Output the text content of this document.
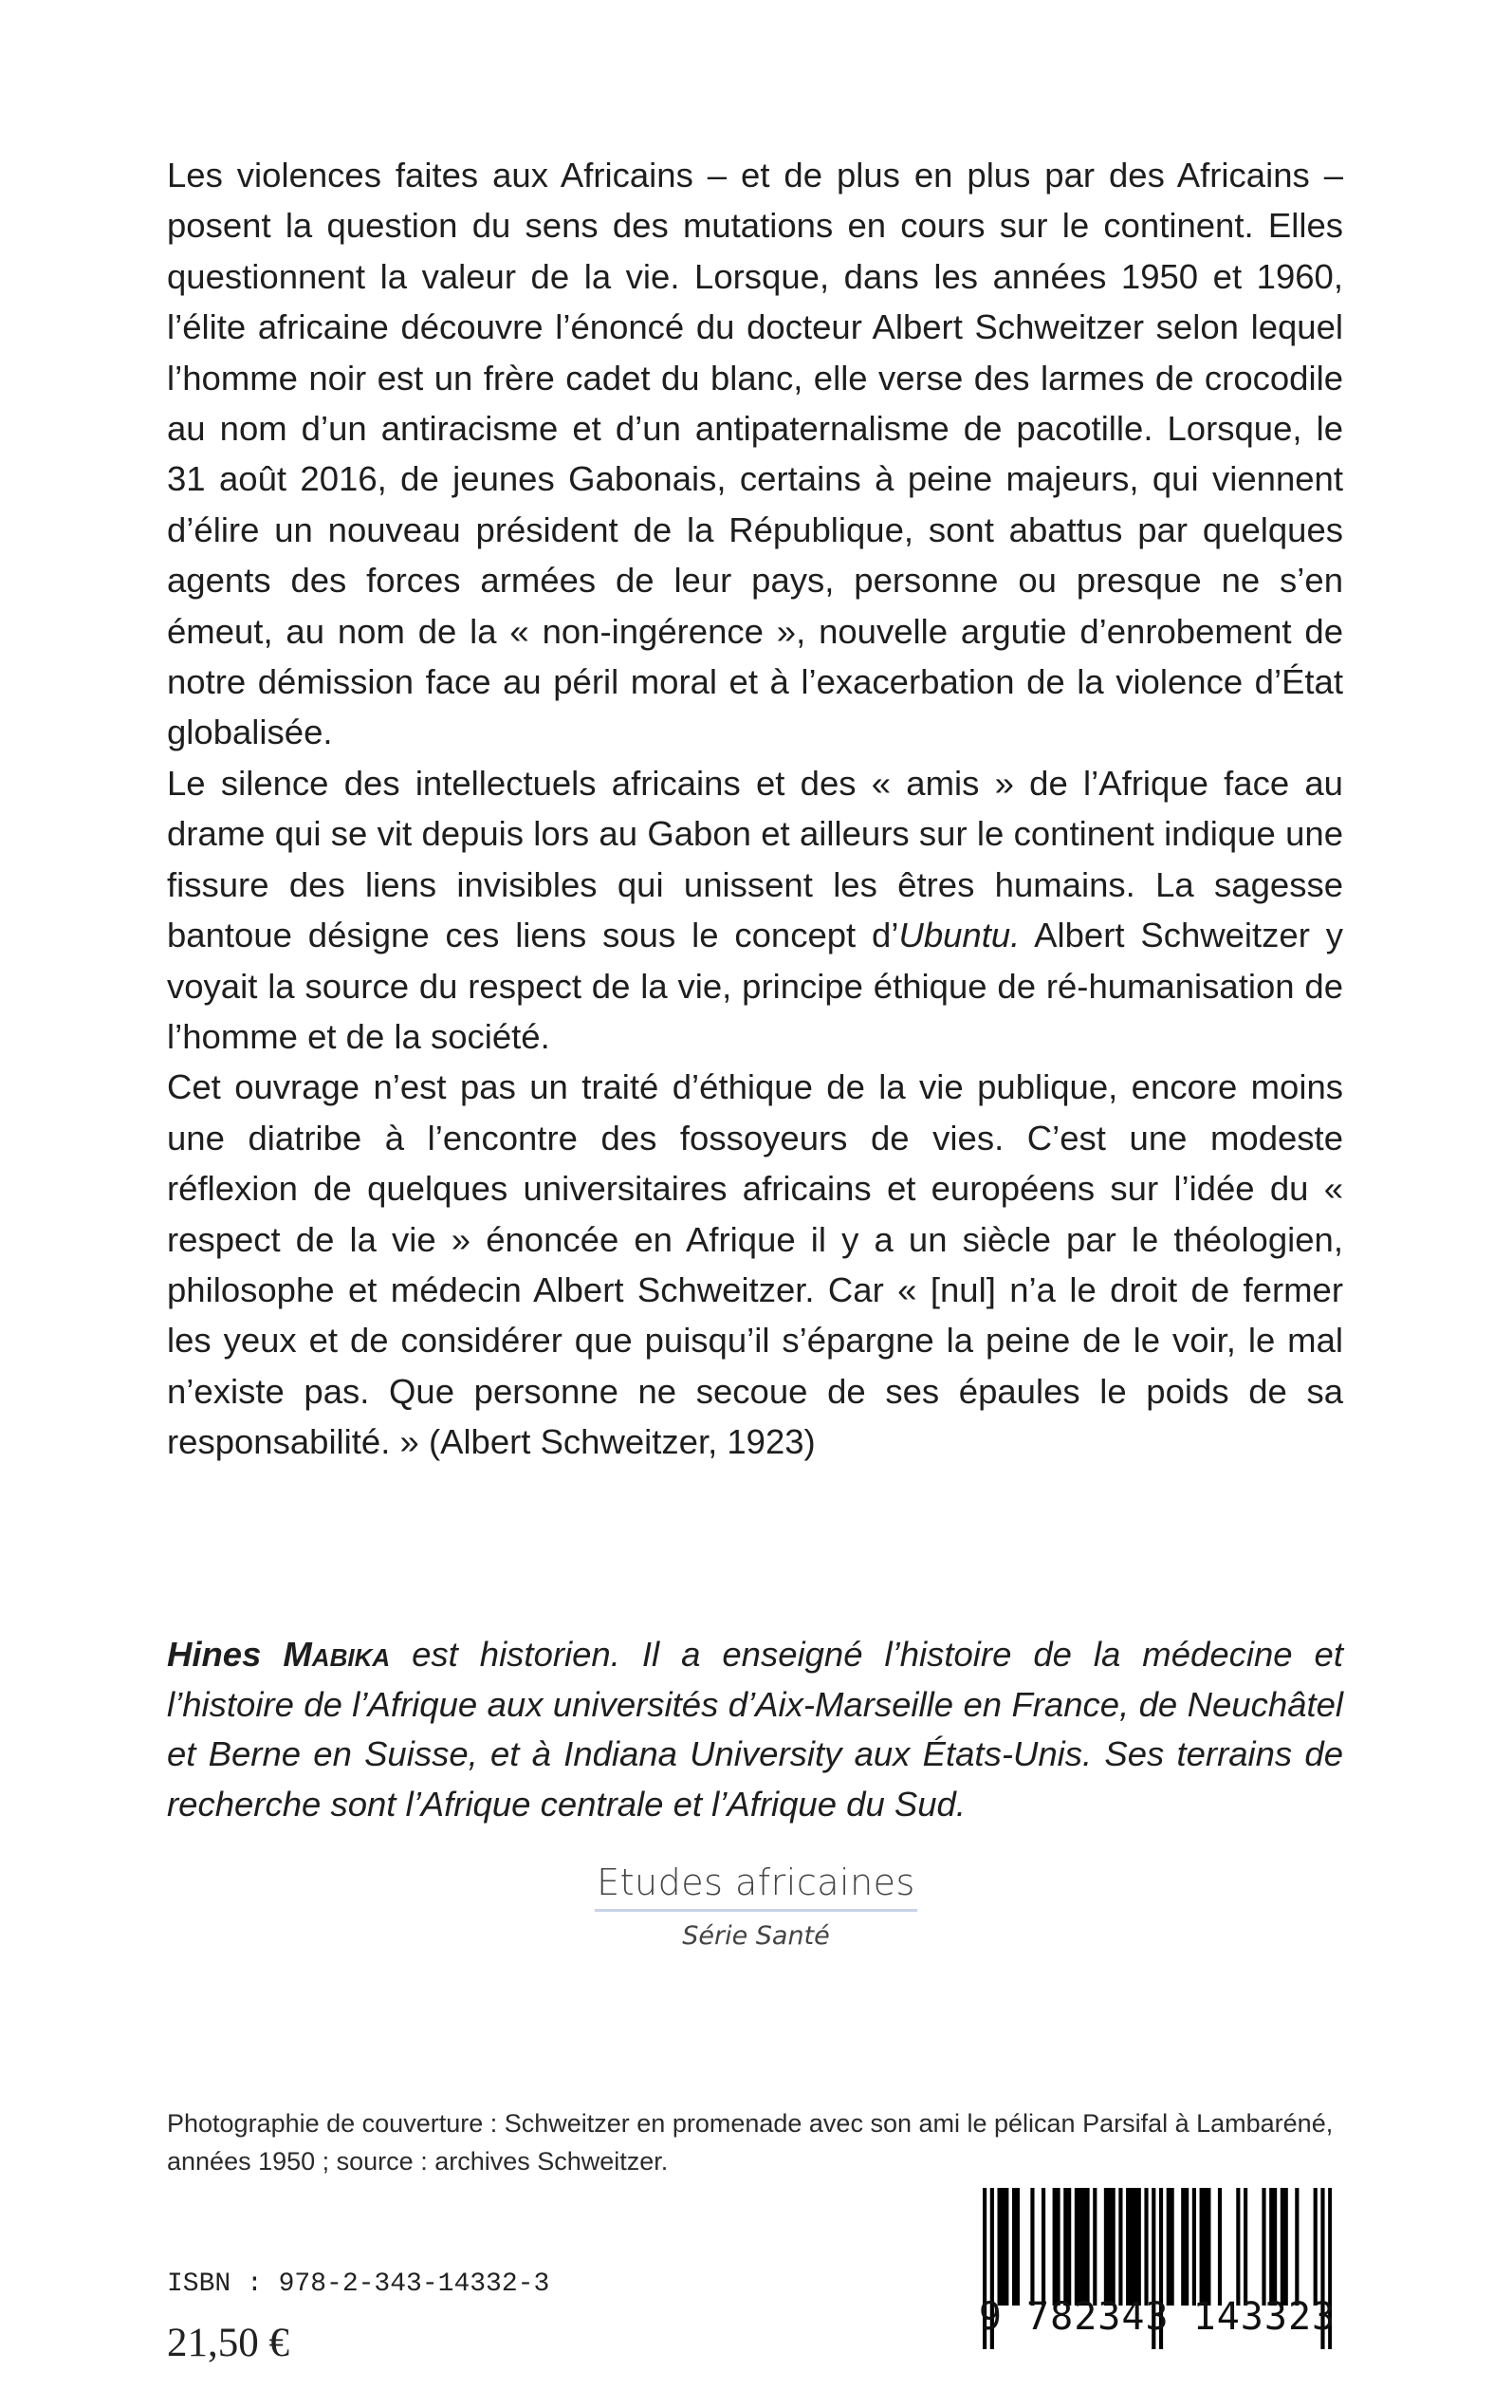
Les violences faites aux Africains – et de plus en plus par des Africains – posent la question du sens des mutations en cours sur le continent. Elles questionnent la valeur de la vie. Lorsque, dans les années 1950 et 1960, l’élite africaine découvre l’énoncé du docteur Albert Schweitzer selon lequel l’homme noir est un frère cadet du blanc, elle verse des larmes de crocodile au nom d’un antiracisme et d’un antipaternalisme de pacotille. Lorsque, le 31 août 2016, de jeunes Gabonais, certains à peine majeurs, qui viennent d’élire un nouveau président de la République, sont abattus par quelques agents des forces armées de leur pays, personne ou presque ne s’en émeut, au nom de la « non-ingérence », nouvelle argutie d’enrobement de notre démission face au péril moral et à l’exacerbation de la violence d’État globalisée.

Le silence des intellectuels africains et des « amis » de l’Afrique face au drame qui se vit depuis lors au Gabon et ailleurs sur le continent indique une fissure des liens invisibles qui unissent les êtres humains. La sagesse bantoue désigne ces liens sous le concept d’Ubuntu. Albert Schweitzer y voyait la source du respect de la vie, principe éthique de ré-humanisation de l’homme et de la société.

Cet ouvrage n’est pas un traité d’éthique de la vie publique, encore moins une diatribe à l’encontre des fossoyeurs de vies. C’est une modeste réflexion de quelques universitaires africains et européens sur l’idée du « respect de la vie » énoncée en Afrique il y a un siècle par le théologien, philosophe et médecin Albert Schweitzer. Car « [nul] n’a le droit de fermer les yeux et de considérer que puisqu’il s’épargne la peine de le voir, le mal n’existe pas. Que personne ne secoue de ses épaules le poids de sa responsabilité. » (Albert Schweitzer, 1923)

Hines Mabika est historien. Il a enseigné l’histoire de la médecine et l’histoire de l’Afrique aux universités d’Aix-Marseille en France, de Neuchâtel et Berne en Suisse, et à Indiana University aux États-Unis. Ses terrains de recherche sont l’Afrique centrale et l’Afrique du Sud.
Etudes africaines
Série Santé

Photographie de couverture : Schweitzer en promenade avec son ami le pélican Parsifal à Lambaréné,

années 1950 ; source : archives Schweitzer.

ISBN : 978-2-343-14332-3
21,50 €
9 782343 143323
